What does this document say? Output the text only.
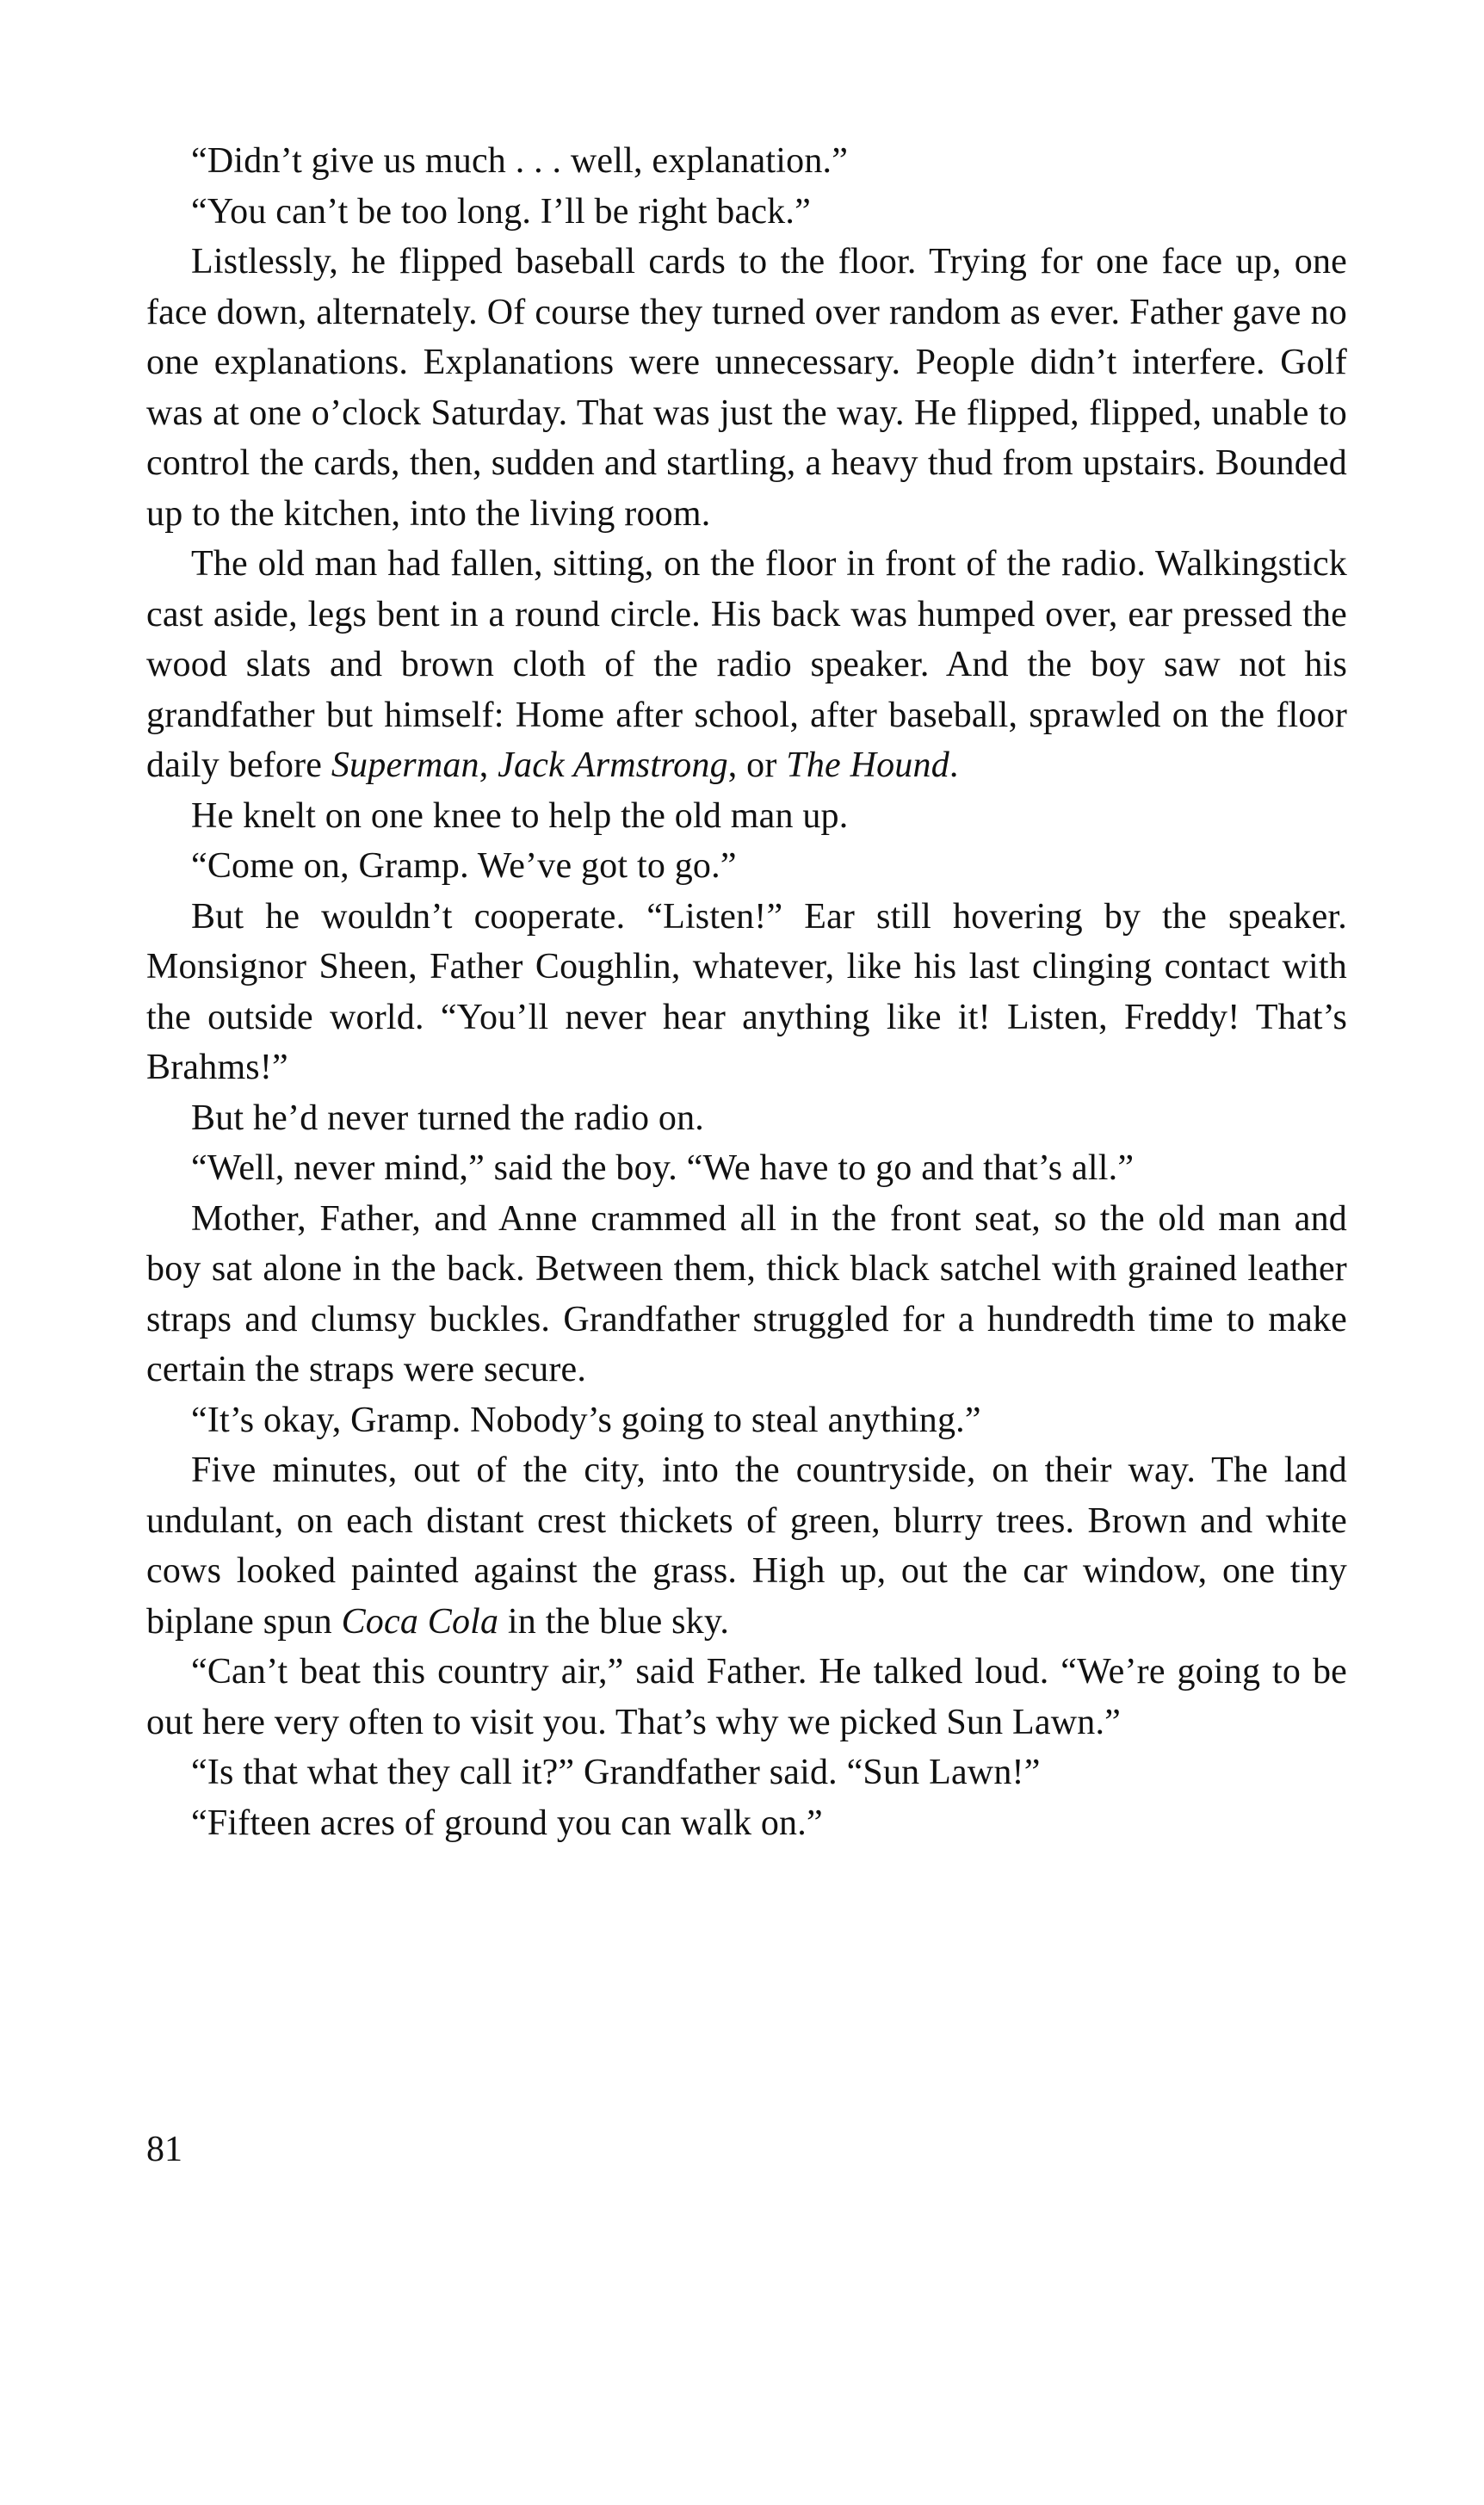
“Didn’t give us much . . . well, explanation.”

“You can’t be too long. I’ll be right back.”

Listlessly, he flipped baseball cards to the floor. Trying for one face up, one face down, alternately. Of course they turned over random as ever. Father gave no one explanations. Explanations were unnecessary. People didn’t interfere. Golf was at one o’clock Saturday. That was just the way. He flipped, flipped, unable to control the cards, then, sudden and startling, a heavy thud from upstairs. Bounded up to the kitchen, into the living room.

The old man had fallen, sitting, on the floor in front of the radio. Walkingstick cast aside, legs bent in a round circle. His back was humped over, ear pressed the wood slats and brown cloth of the radio speaker. And the boy saw not his grandfather but himself: Home after school, after baseball, sprawled on the floor daily before Superman, Jack Armstrong, or The Hound.

He knelt on one knee to help the old man up.

“Come on, Gramp. We’ve got to go.”

But he wouldn’t cooperate. “Listen!” Ear still hovering by the speaker. Monsignor Sheen, Father Coughlin, whatever, like his last clinging contact with the outside world. “You’ll never hear anything like it! Listen, Freddy! That’s Brahms!”

But he’d never turned the radio on.

“Well, never mind,” said the boy. “We have to go and that’s all.”

Mother, Father, and Anne crammed all in the front seat, so the old man and boy sat alone in the back. Between them, thick black satchel with grained leather straps and clumsy buckles. Grandfather struggled for a hundredth time to make certain the straps were secure.

“It’s okay, Gramp. Nobody’s going to steal anything.”

Five minutes, out of the city, into the countryside, on their way. The land undulant, on each distant crest thickets of green, blurry trees. Brown and white cows looked painted against the grass. High up, out the car window, one tiny biplane spun Coca Cola in the blue sky.

“Can’t beat this country air,” said Father. He talked loud. “We’re going to be out here very often to visit you. That’s why we picked Sun Lawn.”

“Is that what they call it?” Grandfather said. “Sun Lawn!”

“Fifteen acres of ground you can walk on.”

81
